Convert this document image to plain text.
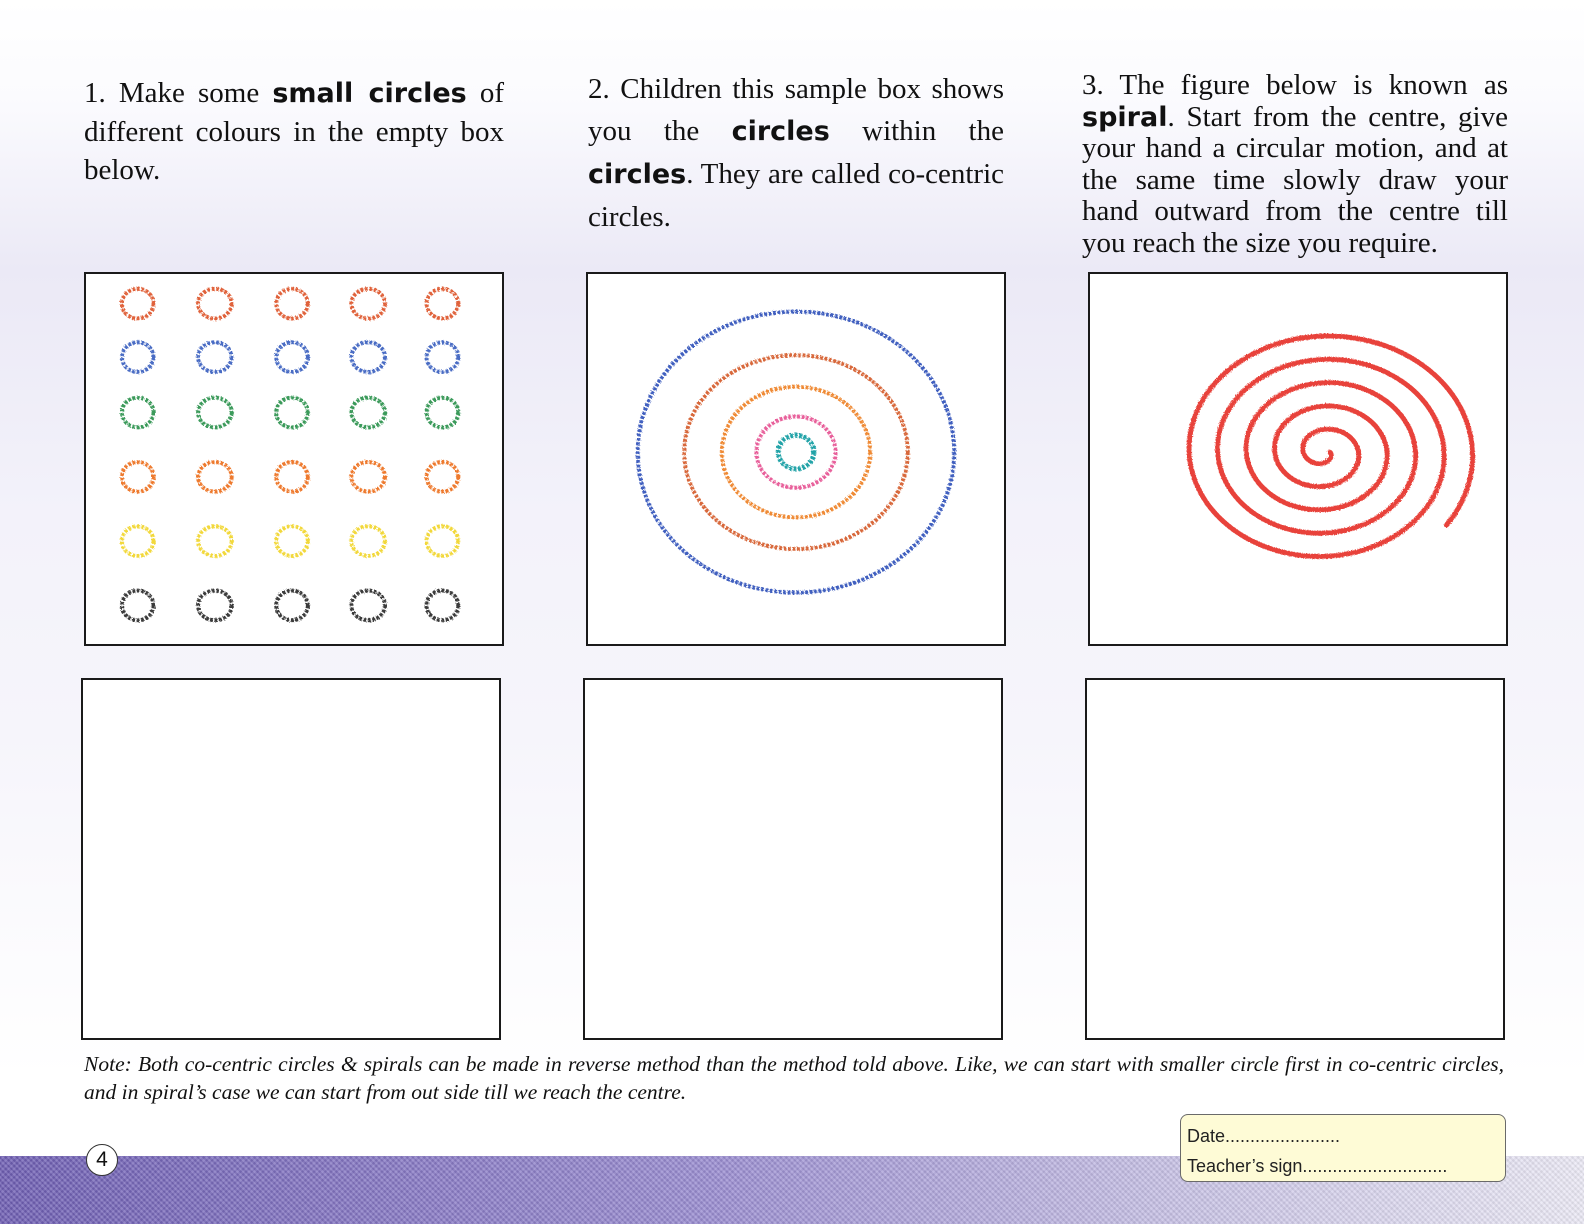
1. Make some small circles of different colours in the empty box below.
2. Children this sample box shows you the circles within the circles. They are called co-centric circles.
3. The figure below is known as spiral. Start from the centre, give your hand a circular motion, and at the same time slowly draw your hand outward from the centre till you reach the size you require.
Note: Both co-centric circles & spirals can be made in reverse method than the method told above. Like, we can start with smaller circle first in co-centric circles, and in spiral’s case we can start from out side till we reach the centre.
4
Date.......................
Teacher’s sign.............................
